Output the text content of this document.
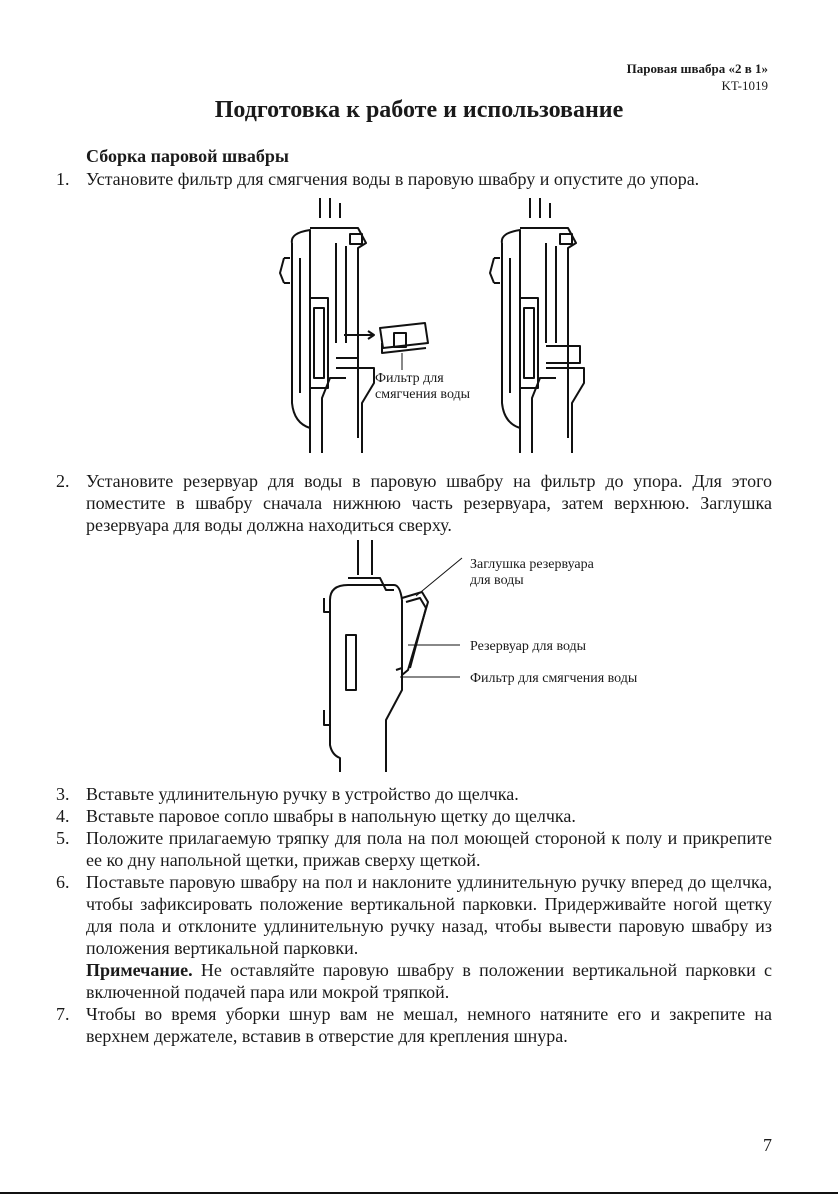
Паровая швабра «2 в 1»
KT-1019
Подготовка к работе и использование
Сборка паровой швабры
1. Установите фильтр для смягчения воды в паровую швабру и опустите до упора.
Фильтр для
смягчения воды
2. Установите резервуар для воды в паровую швабру на фильтр до упора. Для этого поместите в швабру сначала нижнюю часть резервуара, затем верхнюю. Заглушка резервуара для воды должна находиться сверху.
Заглушка резервуара
для воды
Резервуар для воды
Фильтр для смягчения воды
3. Вставьте удлинительную ручку в устройство до щелчка.
4. Вставьте паровое сопло швабры в напольную щетку до щелчка.
5. Положите прилагаемую тряпку для пола на пол моющей стороной к полу и прикрепите ее ко дну напольной щетки, прижав сверху щеткой.
6. Поставьте паровую швабру на пол и наклоните удлинительную ручку вперед до щелчка, чтобы зафиксировать положение вертикальной парковки. Придерживайте ногой щетку для пола и отклоните удлинительную ручку назад, чтобы вывести паровую швабру из положения вертикальной парковки.
Примечание. Не оставляйте паровую швабру в положении вертикальной парковки с включенной подачей пара или мокрой тряпкой.
7. Чтобы во время уборки шнур вам не мешал, немного натяните его и закрепите на верхнем держателе, вставив в отверстие для крепления шнура.
7
